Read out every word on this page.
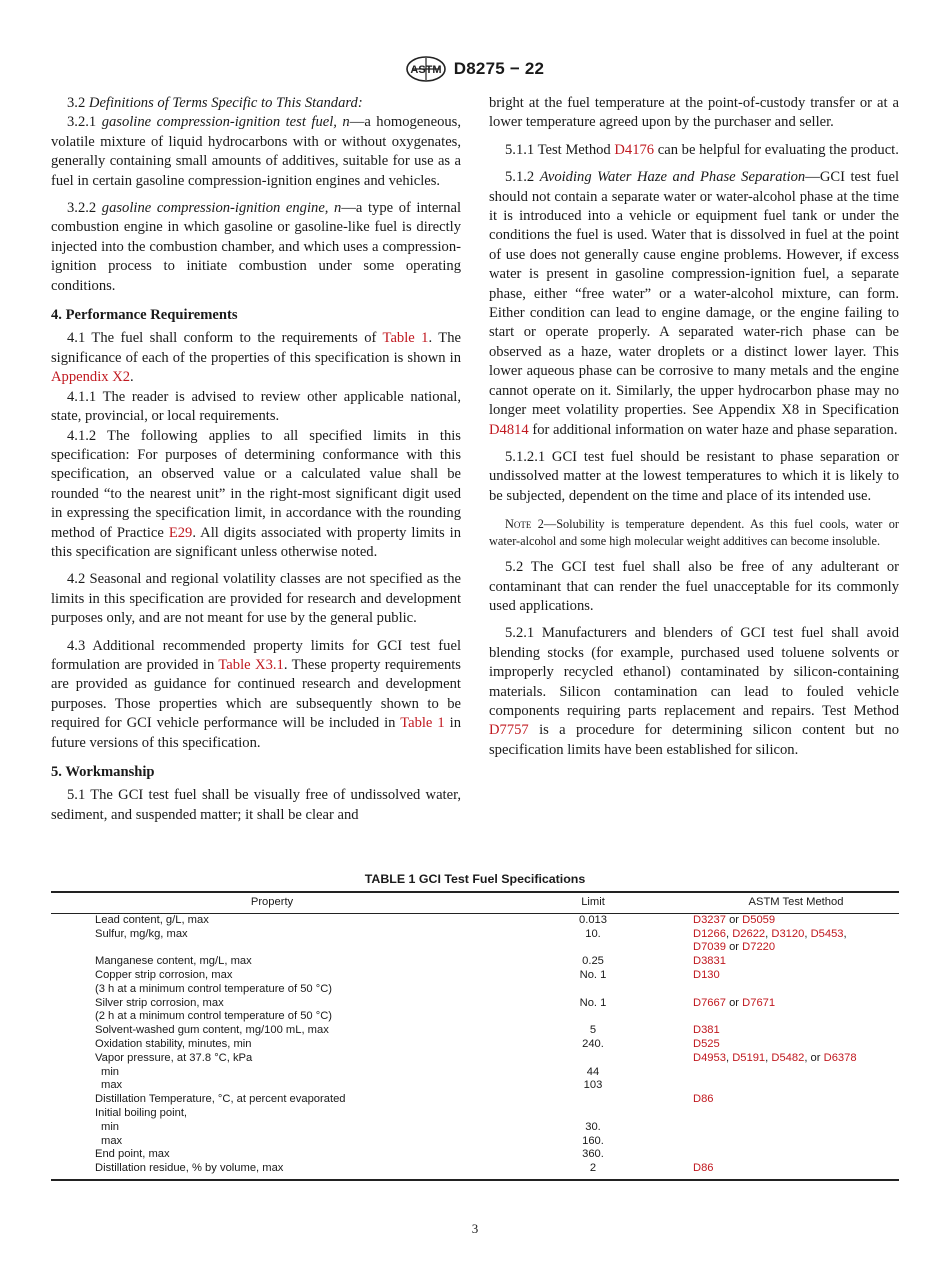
ASTM D8275 − 22

3.2 Definitions of Terms Specific to This Standard:

3.2.1 gasoline compression-ignition test fuel, n—a homogeneous, volatile mixture of liquid hydrocarbons with or without oxygenates, generally containing small amounts of additives, suitable for use as a fuel in certain gasoline compression-ignition engines and vehicles.

3.2.2 gasoline compression-ignition engine, n—a type of internal combustion engine in which gasoline or gasoline-like fuel is directly injected into the combustion chamber, and which uses a compression-ignition process to initiate combustion under some operating conditions.

4. Performance Requirements

4.1 The fuel shall conform to the requirements of Table 1. The significance of each of the properties of this specification is shown in Appendix X2.

4.1.1 The reader is advised to review other applicable national, state, provincial, or local requirements.

4.1.2 The following applies to all specified limits in this specification: For purposes of determining conformance with this specification, an observed value or a calculated value shall be rounded “to the nearest unit” in the right-most significant digit used in expressing the specification limit, in accordance with the rounding method of Practice E29. All digits associated with property limits in this specification are significant unless otherwise noted.

4.2 Seasonal and regional volatility classes are not specified as the limits in this specification are provided for research and development purposes only, and are not meant for use by the general public.

4.3 Additional recommended property limits for GCI test fuel formulation are provided in Table X3.1. These property requirements are provided as guidance for continued research and development purposes. Those properties which are subsequently shown to be required for GCI vehicle performance will be included in Table 1 in future versions of this specification.

5. Workmanship

5.1 The GCI test fuel shall be visually free of undissolved water, sediment, and suspended matter; it shall be clear and

bright at the fuel temperature at the point-of-custody transfer or at a lower temperature agreed upon by the purchaser and seller.

5.1.1 Test Method D4176 can be helpful for evaluating the product.

5.1.2 Avoiding Water Haze and Phase Separation—GCI test fuel should not contain a separate water or water-alcohol phase at the time it is introduced into a vehicle or equipment fuel tank or under the conditions the fuel is used. Water that is dissolved in fuel at the point of use does not generally cause engine problems. However, if excess water is present in gasoline compression-ignition fuel, a separate phase, either “free water” or a water-alcohol mixture, can form. Either condition can lead to engine damage, or the engine failing to start or operate properly. A separated water-rich phase can be observed as a haze, water droplets or a distinct lower layer. This lower aqueous phase can be corrosive to many metals and the engine cannot operate on it. Similarly, the upper hydrocarbon phase may no longer meet volatility properties. See Appendix X8 in Specification D4814 for additional information on water haze and phase separation.

5.1.2.1 GCI test fuel should be resistant to phase separation or undissolved matter at the lowest temperatures to which it is likely to be subjected, dependent on the time and place of its intended use.

Note 2—Solubility is temperature dependent. As this fuel cools, water or water-alcohol and some high molecular weight additives can become insoluble.

5.2 The GCI test fuel shall also be free of any adulterant or contaminant that can render the fuel unacceptable for its commonly used applications.

5.2.1 Manufacturers and blenders of GCI test fuel shall avoid blending stocks (for example, purchased used toluene solvents or improperly recycled ethanol) contaminated by silicon-containing materials. Silicon contamination can lead to fouled vehicle components requiring parts replacement and repairs. Test Method D7757 is a procedure for determining silicon content but no specification limits have been established for silicon.

TABLE 1 GCI Test Fuel Specifications
Property	Limit	ASTM Test Method
Lead content, g/L, max	0.013	D3237 or D5059
Sulfur, mg/kg, max	10.	D1266, D2622, D3120, D5453,
		D7039 or D7220
Manganese content, mg/L, max	0.25	D3831
Copper strip corrosion, max	No. 1	D130
(3 h at a minimum control temperature of 50 °C)		
Silver strip corrosion, max	No. 1	D7667 or D7671
(2 h at a minimum control temperature of 50 °C)		
Solvent-washed gum content, mg/100 mL, max	5	D381
Oxidation stability, minutes, min	240.	D525
Vapor pressure, at 37.8 °C, kPa		D4953, D5191, D5482, or D6378
min	44	
max	103	
Distillation Temperature, °C, at percent evaporated		D86
Initial boiling point,		
min	30.	
max	160.	
End point, max	360.	
Distillation residue, % by volume, max	2	D86
3
